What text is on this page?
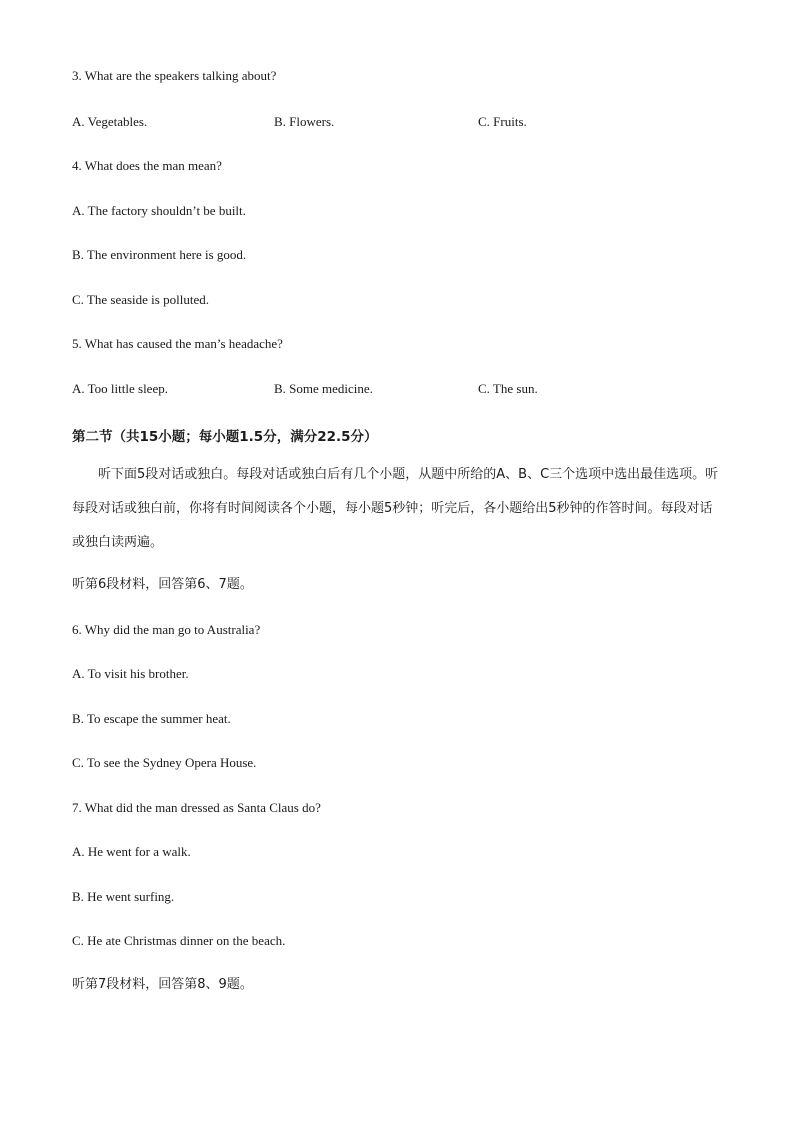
3. What are the speakers talking about?
A. Vegetables.	B. Flowers.	C. Fruits.
4. What does the man mean?
A. The factory shouldn’t be built.
B. The environment here is good.
C. The seaside is polluted.
5. What has caused the man’s headache?
A. Too little sleep.	B. Some medicine.	C. The sun.
第二节（共15小题；每小题1.5分，满分22.5分）
听下面5段对话或独白。每段对话或独白后有几个小题，从题中所给的A、B、C三个选项中选出最佳选项。听每段对话或独白前，你将有时间阅读各个小题，每小题5秒钟；听完后，各小题给出5秒钟的作答时间。每段对话或独白读两遍。
听第6段材料，回答第6、7题。
6. Why did the man go to Australia?
A. To visit his brother.
B. To escape the summer heat.
C. To see the Sydney Opera House.
7. What did the man dressed as Santa Claus do?
A. He went for a walk.
B. He went surfing.
C. He ate Christmas dinner on the beach.
听第7段材料，回答第8、9题。
